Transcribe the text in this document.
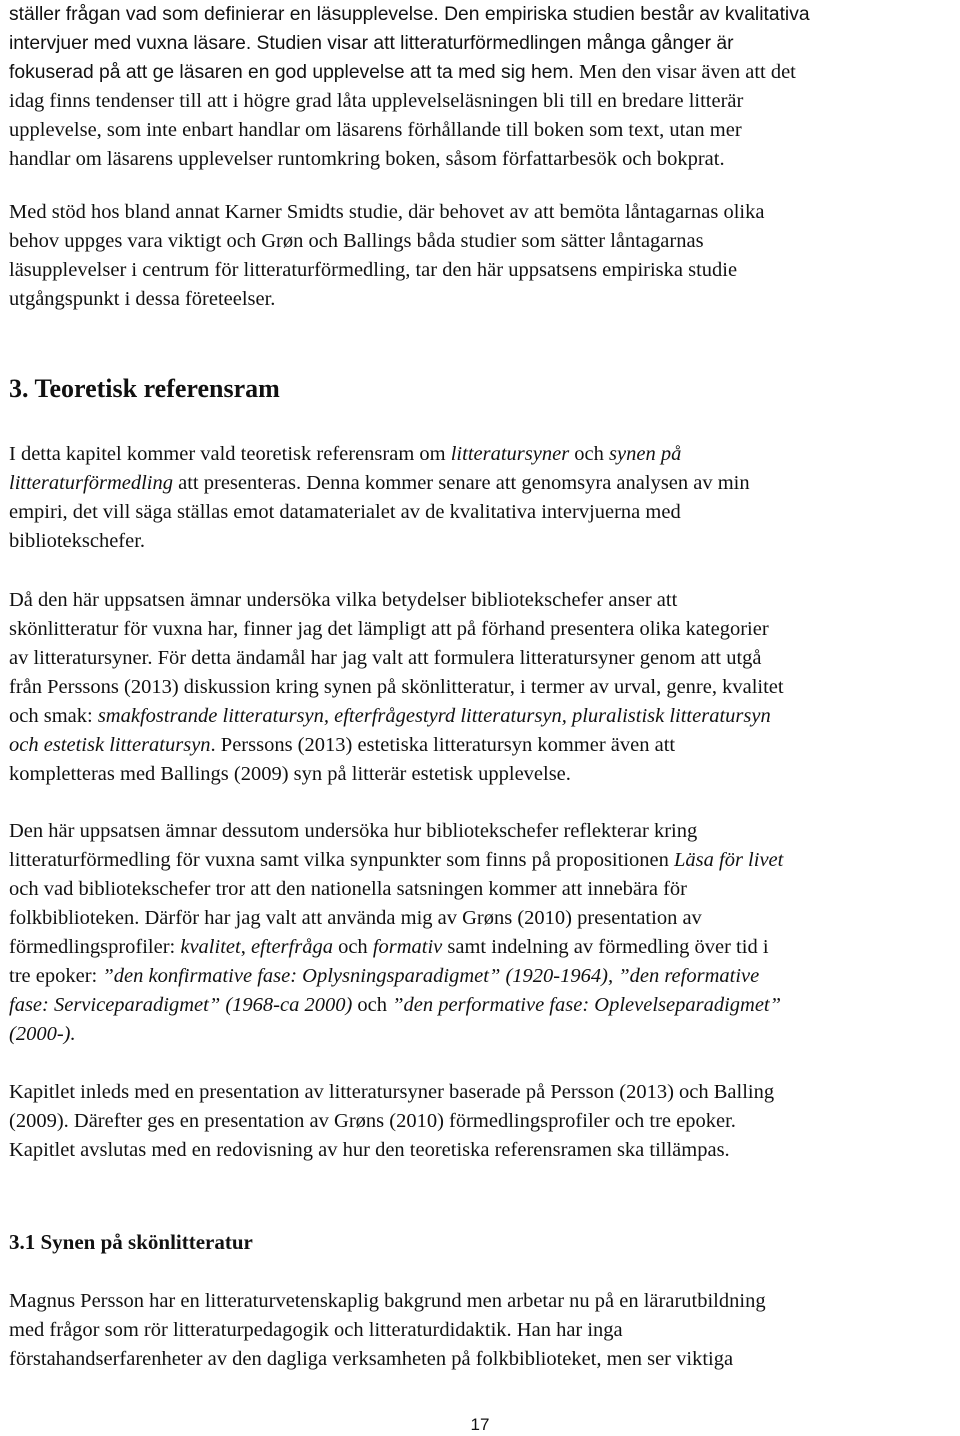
ställer frågan vad som definierar en läsupplevelse. Den empiriska studien består av kvalitativa
intervjuer med vuxna läsare. Studien visar att litteraturförmedlingen många gånger är
fokuserad på att ge läsaren en god upplevelse att ta med sig hem. Men den visar även att det
idag finns tendenser till att i högre grad låta upplevelseläsningen bli till en bredare litterär
upplevelse, som inte enbart handlar om läsarens förhållande till boken som text, utan mer
handlar om läsarens upplevelser runtomkring boken, såsom författarbesök och bokprat.
Med stöd hos bland annat Karner Smidts studie, där behovet av att bemöta låntagarnas olika
behov uppges vara viktigt och Grøn och Ballings båda studier som sätter låntagarnas
läsupplevelser i centrum för litteraturförmedling, tar den här uppsatsens empiriska studie
utgångspunkt i dessa företeelser.
3. Teoretisk referensram
I detta kapitel kommer vald teoretisk referensram om litteratursyner och synen på
litteraturförmedling att presenteras. Denna kommer senare att genomsyra analysen av min
empiri, det vill säga ställas emot datamaterialet av de kvalitativa intervjuerna med
bibliotekschefer.
Då den här uppsatsen ämnar undersöka vilka betydelser bibliotekschefer anser att
skönlitteratur för vuxna har, finner jag det lämpligt att på förhand presentera olika kategorier
av litteratursyner. För detta ändamål har jag valt att formulera litteratursyner genom att utgå
från Perssons (2013) diskussion kring synen på skönlitteratur, i termer av urval, genre, kvalitet
och smak: smakfostrande litteratursyn, efterfrågestyrd litteratursyn, pluralistisk litteratursyn
och estetisk litteratursyn. Perssons (2013) estetiska litteratursyn kommer även att
kompletteras med Ballings (2009) syn på litterär estetisk upplevelse.
Den här uppsatsen ämnar dessutom undersöka hur bibliotekschefer reflekterar kring
litteraturförmedling för vuxna samt vilka synpunkter som finns på propositionen Läsa för livet
och vad bibliotekschefer tror att den nationella satsningen kommer att innebära för
folkbiblioteken. Därför har jag valt att använda mig av Grøns (2010) presentation av
förmedlingsprofiler: kvalitet, efterfråga och formativ samt indelning av förmedling över tid i
tre epoker: ”den konfirmative fase: Oplysningsparadigmet” (1920-1964), ”den reformative
fase: Serviceparadigmet” (1968-ca 2000) och ”den performative fase: Oplevelseparadigmet”
(2000-).
Kapitlet inleds med en presentation av litteratursyner baserade på Persson (2013) och Balling
(2009). Därefter ges en presentation av Grøns (2010) förmedlingsprofiler och tre epoker.
Kapitlet avslutas med en redovisning av hur den teoretiska referensramen ska tillämpas.
3.1 Synen på skönlitteratur
Magnus Persson har en litteraturvetenskaplig bakgrund men arbetar nu på en lärarutbildning
med frågor som rör litteraturpedagogik och litteraturdidaktik. Han har inga
förstahandserfarenheter av den dagliga verksamheten på folkbiblioteket, men ser viktiga
17
